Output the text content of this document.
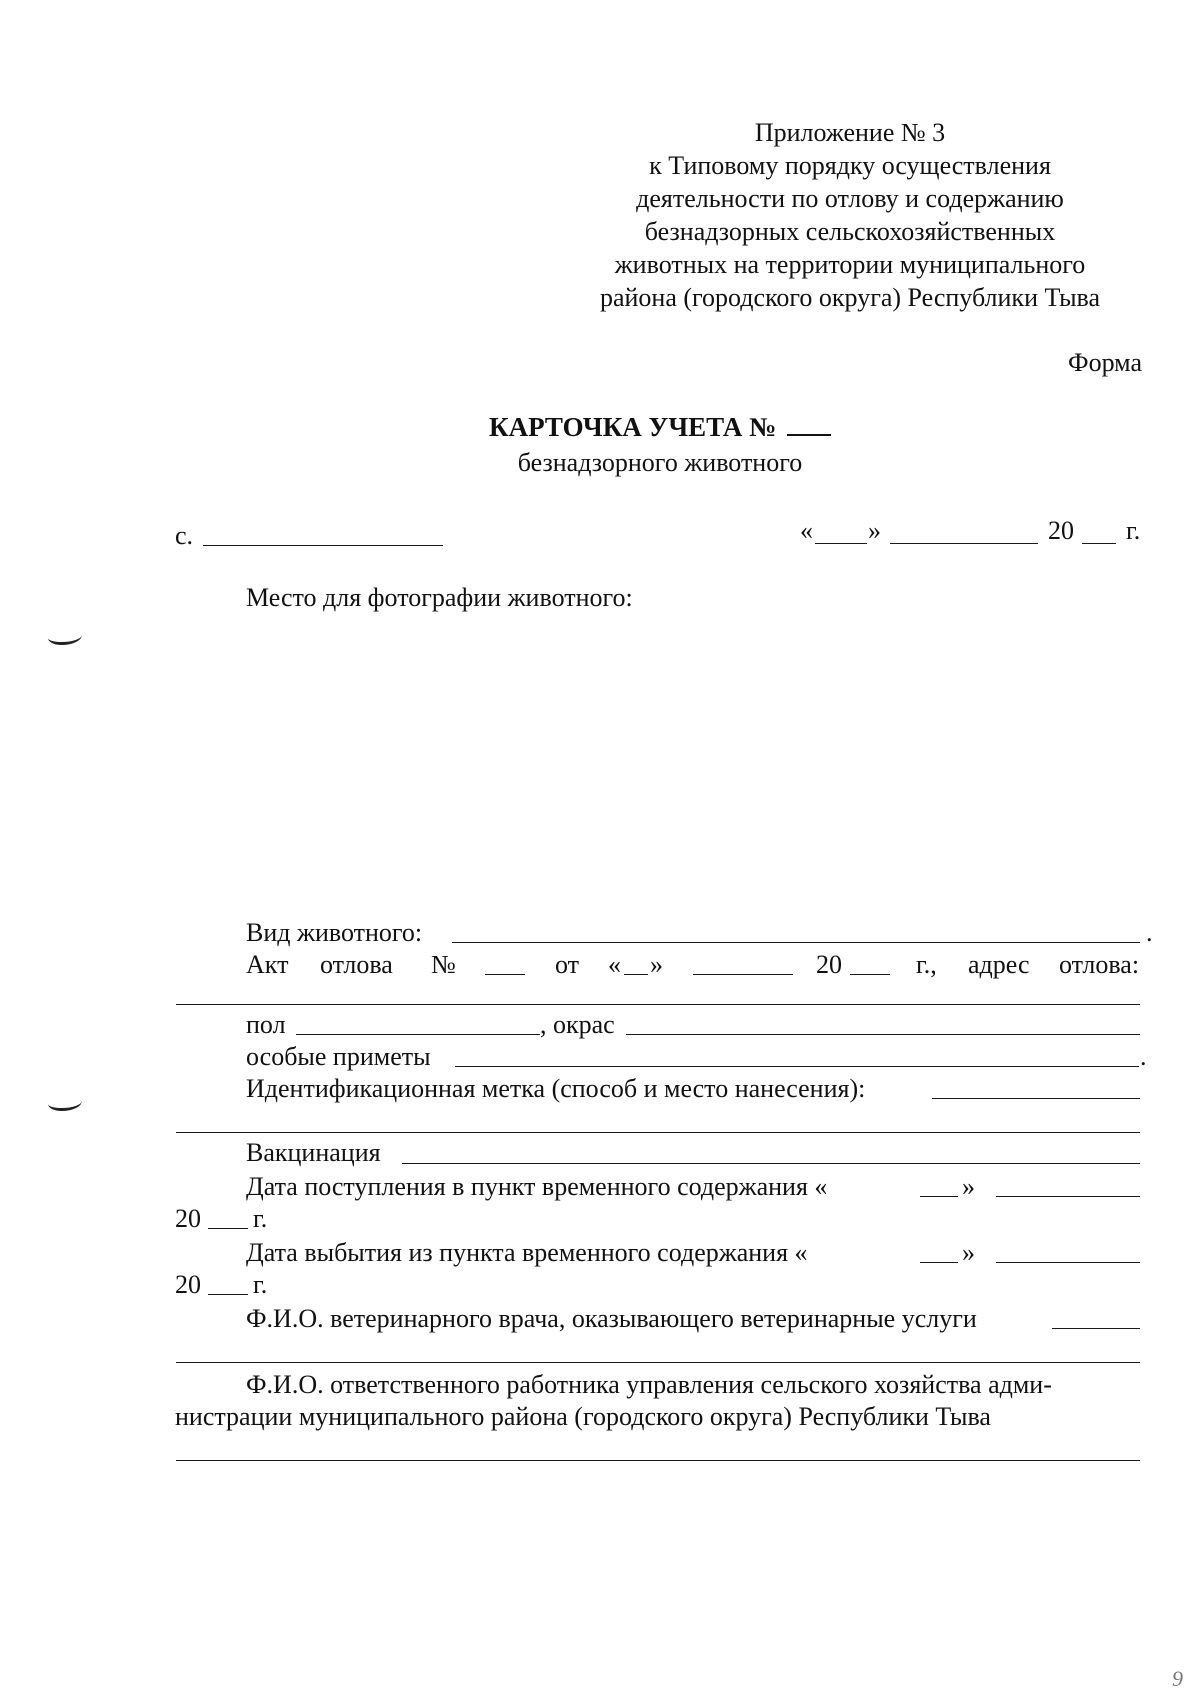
Приложение № 3
к Типовому порядку осуществления
деятельности по отлову и содержанию
безнадзорных сельскохозяйственных
животных на территории муниципального
района (городского округа) Республики Тыва
Форма
КАРТОЧКА УЧЕТА №
безнадзорного животного
с.	« »	20 г.
Место для фотографии животного:
Вид животного:	.
Акт отлова №	от « »	20	г., адрес отлова:
пол	, окрас
особые приметы	.
Идентификационная метка (способ и место нанесения):
Вакцинация
Дата поступления в пункт временного содержания «	»
20 г.
Дата выбытия из пункта временного содержания «	»
20 г.
Ф.И.О. ветеринарного врача, оказывающего ветеринарные услуги
Ф.И.О. ответственного работника управления сельского хозяйства адми-
нистрации муниципального района (городского округа) Республики Тыва
9
